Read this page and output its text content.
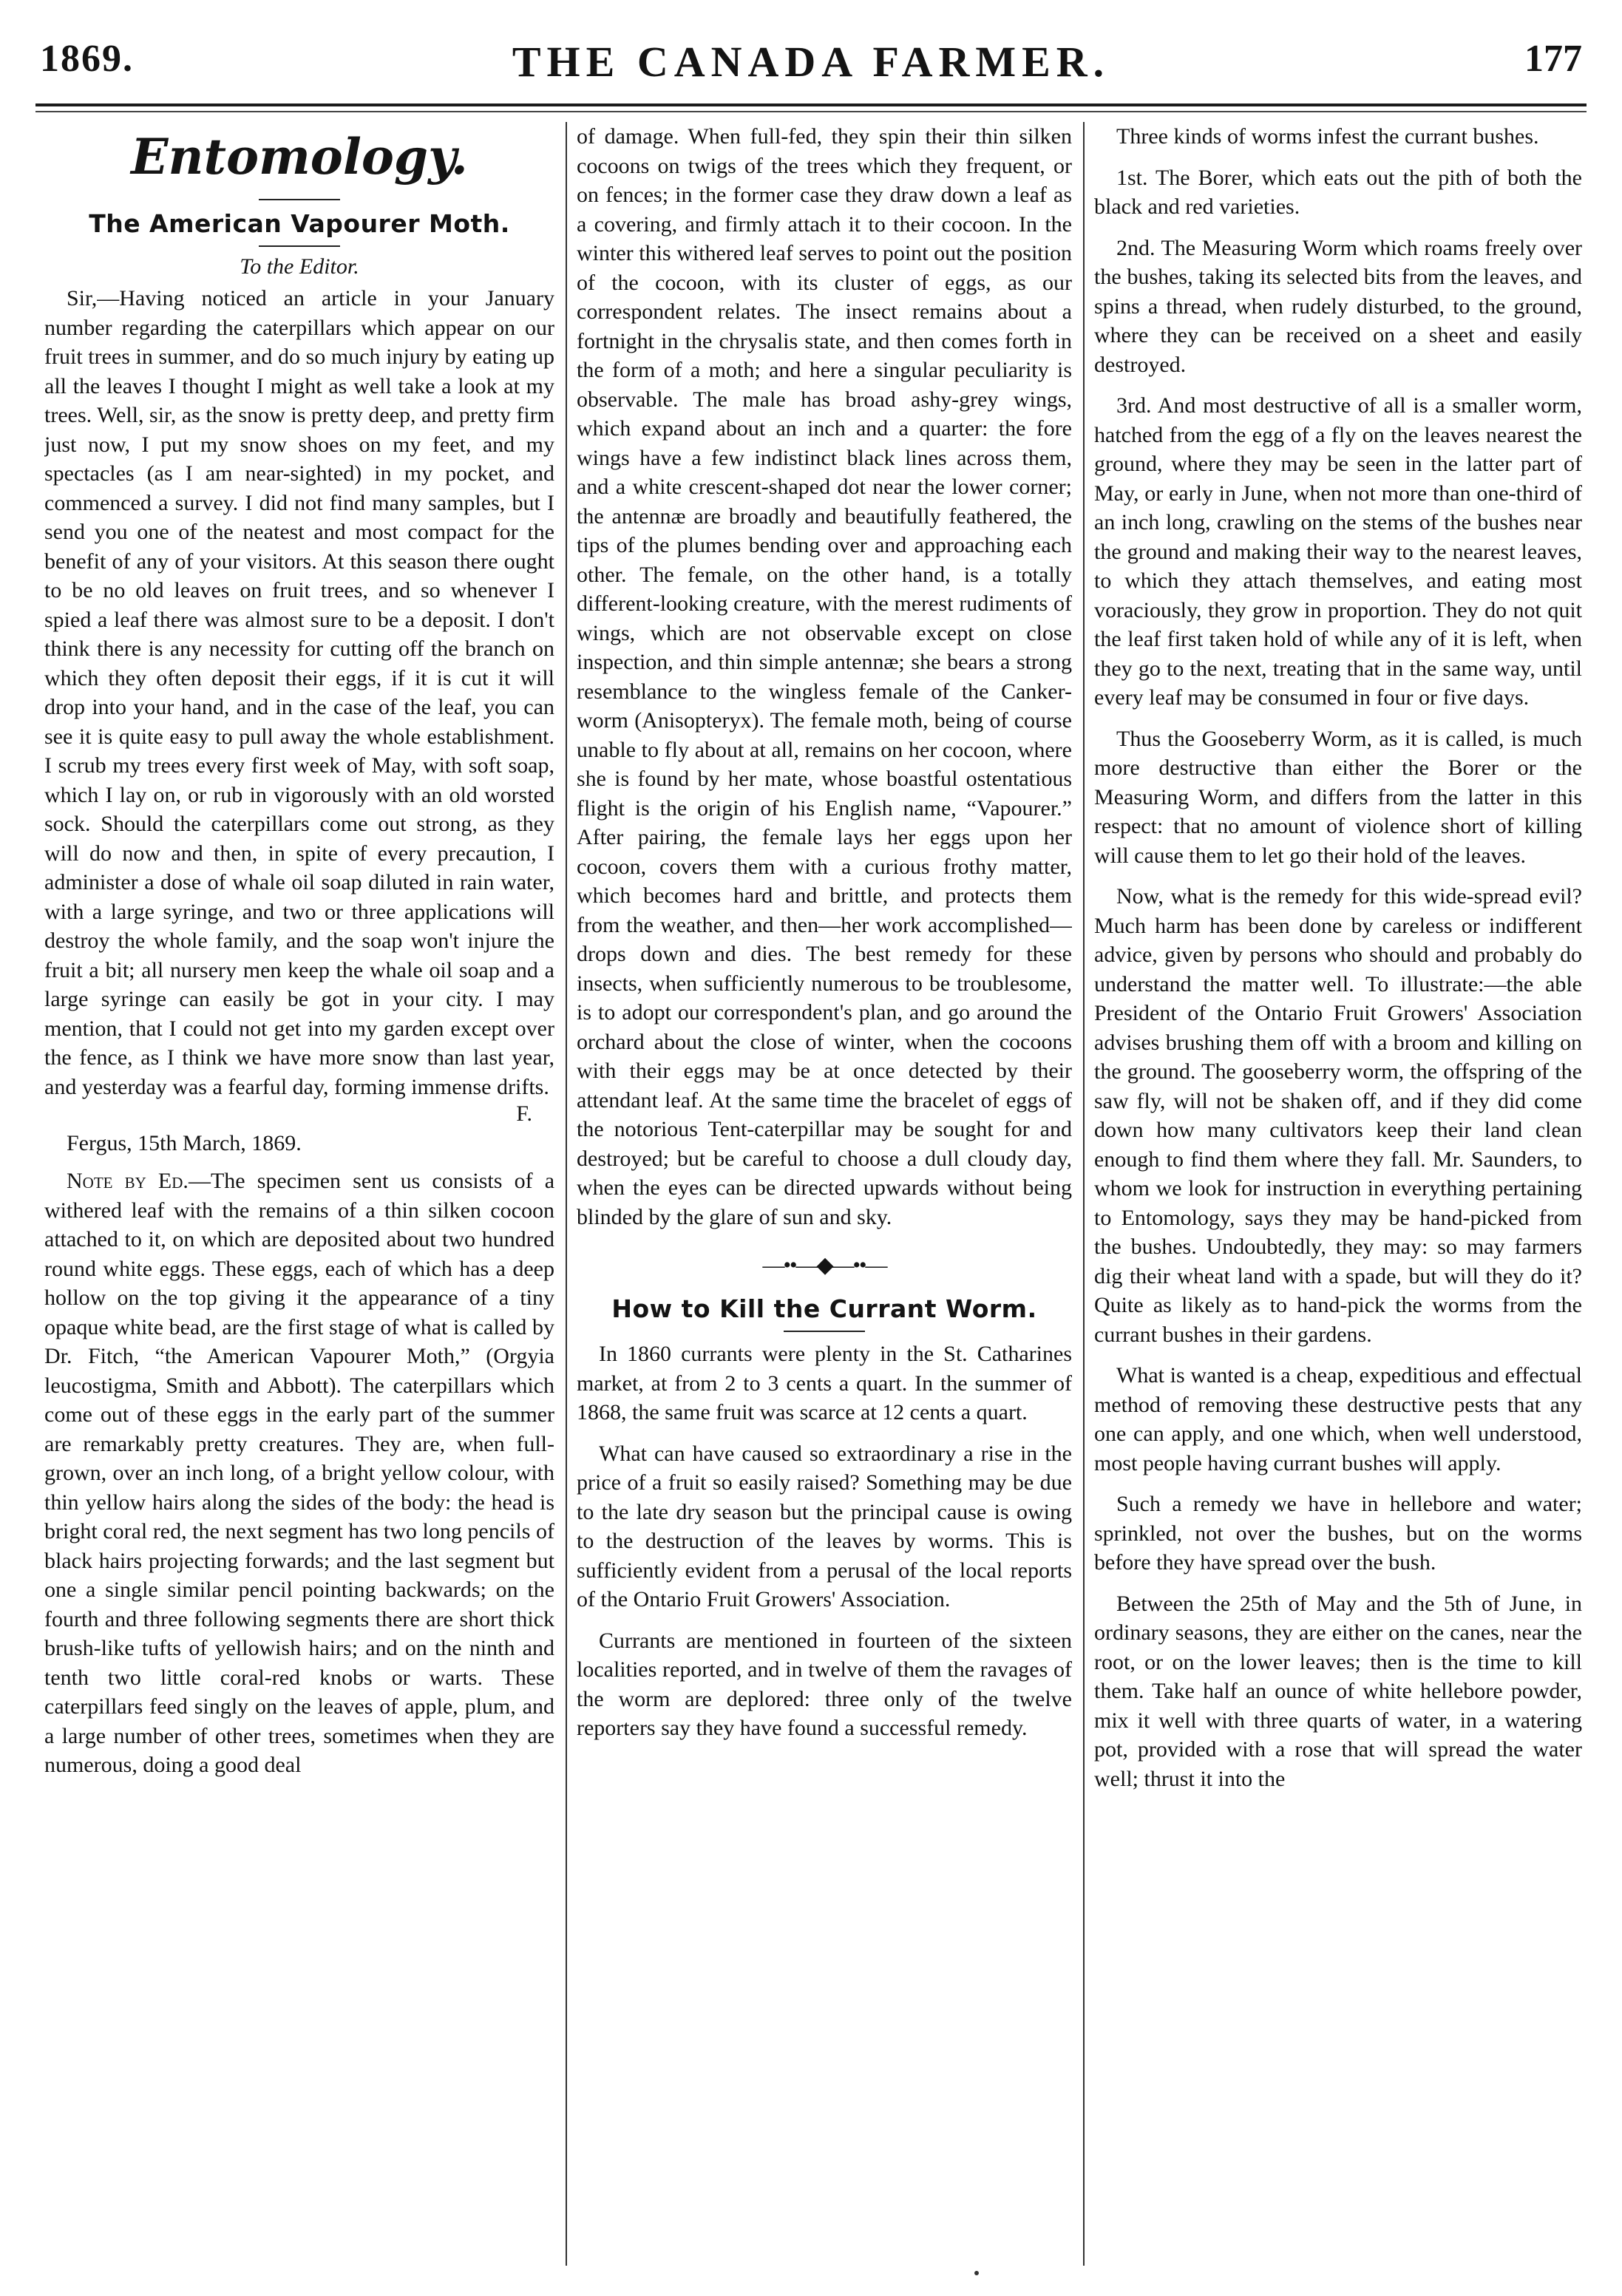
1869.	THE CANADA FARMER.	177
Entomology.
The American Vapourer Moth.
To the Editor.

Sir,—Having noticed an article in your January number regarding the caterpillars which appear on our fruit trees in summer, and do so much injury by eating up all the leaves I thought I might as well take a look at my trees. Well, sir, as the snow is pretty deep, and pretty firm just now, I put my snow shoes on my feet, and my spectacles (as I am near-sighted) in my pocket, and commenced a survey. I did not find many samples, but I send you one of the neatest and most compact for the benefit of any of your visitors. At this season there ought to be no old leaves on fruit trees, and so whenever I spied a leaf there was almost sure to be a deposit. I don't think there is any necessity for cutting off the branch on which they often deposit their eggs, if it is cut it will drop into your hand, and in the case of the leaf, you can see it is quite easy to pull away the whole establishment. I scrub my trees every first week of May, with soft soap, which I lay on, or rub in vigorously with an old worsted sock. Should the caterpillars come out strong, as they will do now and then, in spite of every precaution, I administer a dose of whale oil soap diluted in rain water, with a large syringe, and two or three applications will destroy the whole family, and the soap won't injure the fruit a bit; all nursery men keep the whale oil soap and a large syringe can easily be got in your city. I may mention, that I could not get into my garden except over the fence, as I think we have more snow than last year, and yesterday was a fearful day, forming immense drifts.

F.
Fergus, 15th March, 1869.

Note by Ed.—The specimen sent us consists of a withered leaf with the remains of a thin silken cocoon attached to it, on which are deposited about two hundred round white eggs. These eggs, each of which has a deep hollow on the top giving it the appearance of a tiny opaque white bead, are the first stage of what is called by Dr. Fitch, “the American Vapourer Moth,” (Orgyia leucostigma, Smith and Abbott). The caterpillars which come out of these eggs in the early part of the summer are remarkably pretty creatures. They are, when full-grown, over an inch long, of a bright yellow colour, with thin yellow hairs along the sides of the body: the head is bright coral red, the next segment has two long pencils of black hairs projecting forwards; and the last segment but one a single similar pencil pointing backwards; on the fourth and three following segments there are short thick brush-like tufts of yellowish hairs; and on the ninth and tenth two little coral-red knobs or warts. These caterpillars feed singly on the leaves of apple, plum, and a large number of other trees, sometimes when they are numerous, doing a good deal

of damage. When full-fed, they spin their thin silken cocoons on twigs of the trees which they frequent, or on fences; in the former case they draw down a leaf as a covering, and firmly attach it to their cocoon. In the winter this withered leaf serves to point out the position of the cocoon, with its cluster of eggs, as our correspondent relates. The insect remains about a fortnight in the chrysalis state, and then comes forth in the form of a moth; and here a singular peculiarity is observable. The male has broad ashy-grey wings, which expand about an inch and a quarter: the fore wings have a few indistinct black lines across them, and a white crescent-shaped dot near the lower corner; the antennæ are broadly and beautifully feathered, the tips of the plumes bending over and approaching each other. The female, on the other hand, is a totally different-looking creature, with the merest rudiments of wings, which are not observable except on close inspection, and thin simple antennæ; she bears a strong resemblance to the wingless female of the Canker-worm (Anisopteryx). The female moth, being of course unable to fly about at all, remains on her cocoon, where she is found by her mate, whose boastful ostentatious flight is the origin of his English name, “Vapourer.” After pairing, the female lays her eggs upon her cocoon, covers them with a curious frothy matter, which becomes hard and brittle, and protects them from the weather, and then—her work accomplished—drops down and dies. The best remedy for these insects, when sufficiently numerous to be troublesome, is to adopt our correspondent's plan, and go around the orchard about the close of winter, when the cocoons with their eggs may be at once detected by their attendant leaf. At the same time the bracelet of eggs of the notorious Tent-caterpillar may be sought for and destroyed; but be careful to choose a dull cloudy day, when the eyes can be directed upwards without being blinded by the glare of sun and sky.

—••—◆—••—
How to Kill the Currant Worm.

In 1860 currants were plenty in the St. Catharines market, at from 2 to 3 cents a quart. In the summer of 1868, the same fruit was scarce at 12 cents a quart.

What can have caused so extraordinary a rise in the price of a fruit so easily raised? Something may be due to the late dry season but the principal cause is owing to the destruction of the leaves by worms. This is sufficiently evident from a perusal of the local reports of the Ontario Fruit Growers' Association.

Currants are mentioned in fourteen of the sixteen localities reported, and in twelve of them the ravages of the worm are deplored: three only of the twelve reporters say they have found a successful remedy.

Three kinds of worms infest the currant bushes.

1st. The Borer, which eats out the pith of both the black and red varieties.

2nd. The Measuring Worm which roams freely over the bushes, taking its selected bits from the leaves, and spins a thread, when rudely disturbed, to the ground, where they can be received on a sheet and easily destroyed.

3rd. And most destructive of all is a smaller worm, hatched from the egg of a fly on the leaves nearest the ground, where they may be seen in the latter part of May, or early in June, when not more than one-third of an inch long, crawling on the stems of the bushes near the ground and making their way to the nearest leaves, to which they attach themselves, and eating most voraciously, they grow in proportion. They do not quit the leaf first taken hold of while any of it is left, when they go to the next, treating that in the same way, until every leaf may be consumed in four or five days.

Thus the Gooseberry Worm, as it is called, is much more destructive than either the Borer or the Measuring Worm, and differs from the latter in this respect: that no amount of violence short of killing will cause them to let go their hold of the leaves.

Now, what is the remedy for this wide-spread evil? Much harm has been done by careless or indifferent advice, given by persons who should and probably do understand the matter well. To illustrate:—the able President of the Ontario Fruit Growers' Association advises brushing them off with a broom and killing on the ground. The gooseberry worm, the offspring of the saw fly, will not be shaken off, and if they did come down how many cultivators keep their land clean enough to find them where they fall. Mr. Saunders, to whom we look for instruction in everything pertaining to Entomology, says they may be hand-picked from the bushes. Undoubtedly, they may: so may farmers dig their wheat land with a spade, but will they do it? Quite as likely as to hand-pick the worms from the currant bushes in their gardens.

What is wanted is a cheap, expeditious and effectual method of removing these destructive pests that any one can apply, and one which, when well understood, most people having currant bushes will apply.

Such a remedy we have in hellebore and water; sprinkled, not over the bushes, but on the worms before they have spread over the bush.

Between the 25th of May and the 5th of June, in ordinary seasons, they are either on the canes, near the root, or on the lower leaves; then is the time to kill them. Take half an ounce of white hellebore powder, mix it well with three quarts of water, in a watering pot, provided with a rose that will spread the water well; thrust it into the
